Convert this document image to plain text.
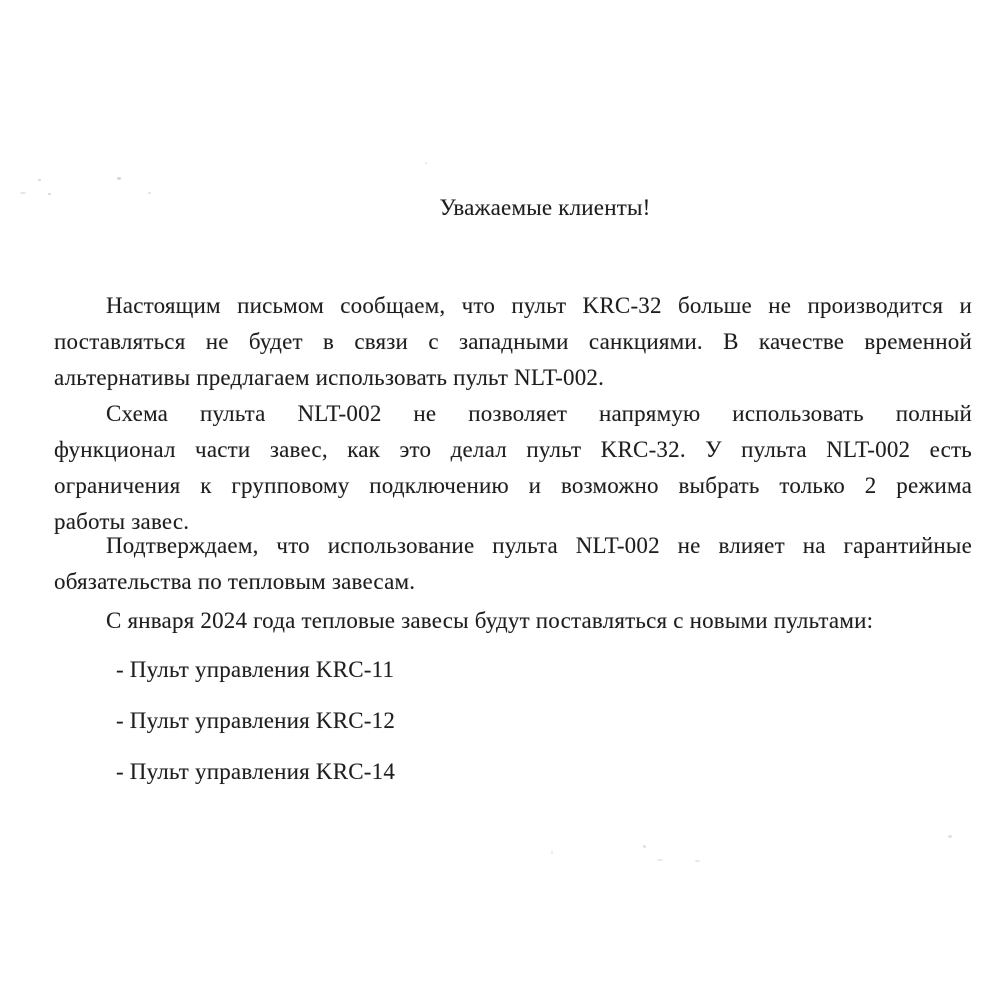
Уважаемые клиенты!
Настоящим письмом сообщаем, что пульт KRC-32 больше не производится и
поставляться не будет в связи с западными санкциями. В качестве временной
альтернативы предлагаем использовать пульт NLT-002.
Схема пульта NLT-002 не позволяет напрямую использовать полный
функционал части завес, как это делал пульт KRC-32. У пульта NLT-002 есть
ограничения к групповому подключению и возможно выбрать только 2 режима
работы завес.
Подтверждаем, что использование пульта NLT-002 не влияет на гарантийные
обязательства по тепловым завесам.
С января 2024 года тепловые завесы будут поставляться с новыми пультами:
- Пульт управления KRC-11
- Пульт управления KRC-12
- Пульт управления KRC-14
